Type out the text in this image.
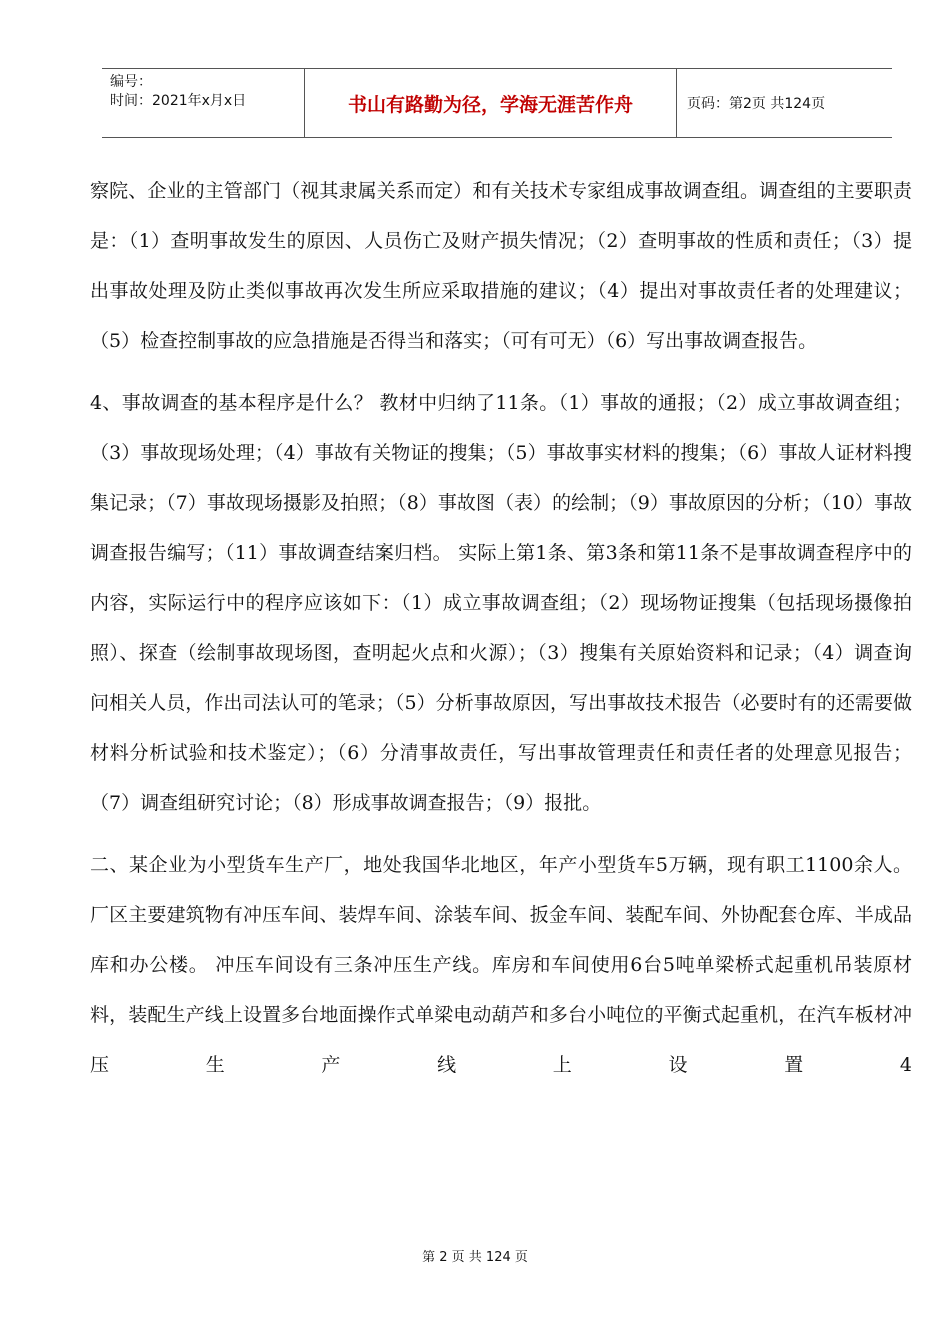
编号：
时间：2021年x月x日	书山有路勤为径，学海无涯苦作舟	页码：第2页 共124页

察院、企业的主管部门（视其隶属关系而定）和有关技术专家组成事故调查组。调查组的主要职责是：（1）查明事故发生的原因、人员伤亡及财产损失情况；（2）查明事故的性质和责任；（3）提出事故处理及防止类似事故再次发生所应采取措施的建议；（4）提出对事故责任者的处理建议；（5）检查控制事故的应急措施是否得当和落实；（可有可无）（6）写出事故调查报告。

4、事故调查的基本程序是什么？ 教材中归纳了11条。（1）事故的通报；（2）成立事故调查组；（3）事故现场处理；（4）事故有关物证的搜集；（5）事故事实材料的搜集；（6）事故人证材料搜集记录；（7）事故现场摄影及拍照；（8）事故图（表）的绘制；（9）事故原因的分析；（10）事故调查报告编写；（11）事故调查结案归档。 实际上第1条、第3条和第11条不是事故调查程序中的内容，实际运行中的程序应该如下：（1）成立事故调查组；（2）现场物证搜集（包括现场摄像拍照）、探查（绘制事故现场图，查明起火点和火源）；（3）搜集有关原始资料和记录；（4）调查询问相关人员，作出司法认可的笔录；（5）分析事故原因，写出事故技术报告（必要时有的还需要做材料分析试验和技术鉴定）；（6）分清事故责任，写出事故管理责任和责任者的处理意见报告；（7）调查组研究讨论；（8）形成事故调查报告；（9）报批。

二、某企业为小型货车生产厂，地处我国华北地区，年产小型货车5万辆，现有职工1100余人。 厂区主要建筑物有冲压车间、装焊车间、涂装车间、扳金车间、装配车间、外协配套仓库、半成品库和办公楼。 冲压车间设有三条冲压生产线。库房和车间使用6台5吨单梁桥式起重机吊装原材料，装配生产线上设置多台地面操作式单梁电动葫芦和多台小吨位的平衡式起重机，在汽车板材冲压生产线上设置4

第 2 页 共 124 页
